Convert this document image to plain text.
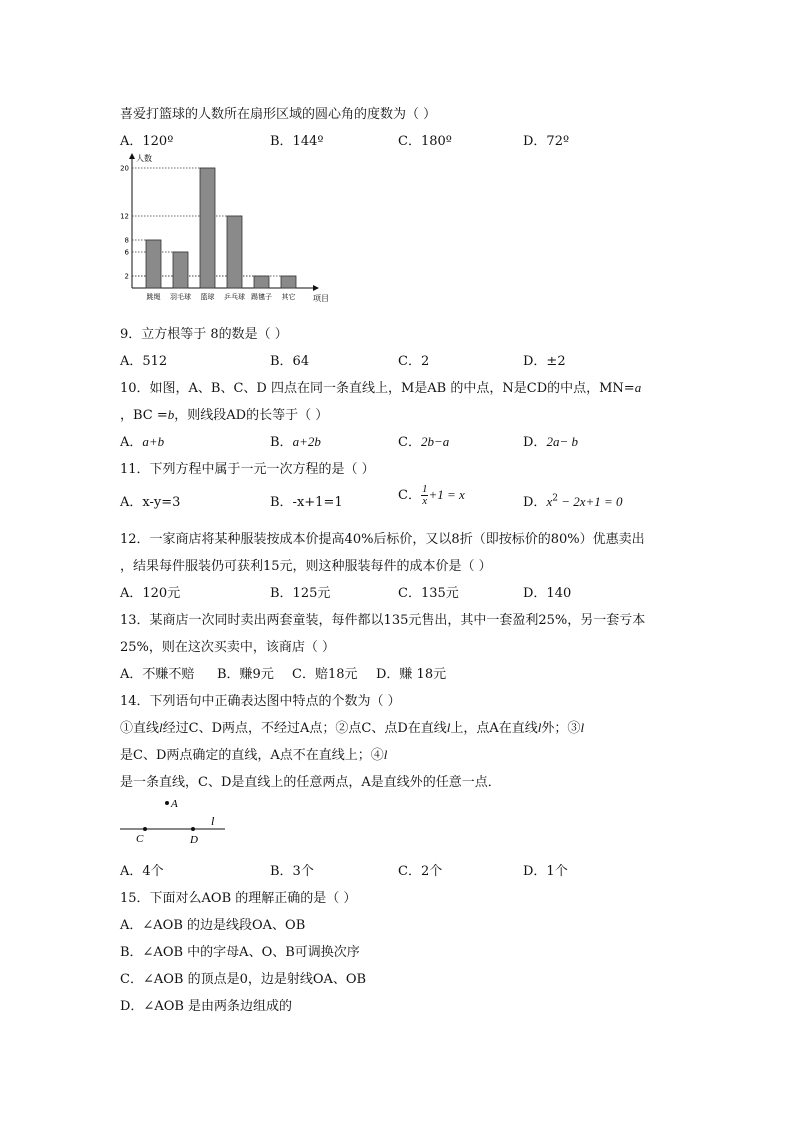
喜爱打篮球的人数所在扇形区域的圆心角的度数为（ ）
A．120º	B．144º	C．180º	D．72º
人数
项目
2
6
8
12
20
跳绳 羽毛球 篮球 乒乓球 踢毽子 其它
9．立方根等于 8的数是（ ）
A．512	B．64	C．2	D．±2
10．如图，A、B、C、D 四点在同一条直线上，M是AB 的中点，N是CD的中点，MN=a
，BC =b，则线段AD的长等于（ ）
A．a+b	B．a+2b	C．2b−a	D．2a− b
11．下列方程中属于一元一次方程的是（ ）
A．x-y=3	B．-x+1=1	C． $\frac{1}{x} +1 = x$
D．$x^2 - 2x+1 = 0$
12．一家商店将某种服装按成本价提高40%后标价，又以8折（即按标价的80%）优惠卖出
，结果每件服装仍可获利15元，则这种服装每件的成本价是（ ）
A．120元	B．125元	C．135元	D．140
13．某商店一次同时卖出两套童装，每件都以135元售出，其中一套盈利25%，另一套亏本
25%，则在这次买卖中，该商店（ ）
A．不赚不赔 B．赚9元 C．赔18元 D．赚 18元
14．下列语句中正确表达图中特点的个数为（ ）
①直线l经过C、D两点，不经过A点；②点C、点D在直线l上，点A在直线l外；③l
是C、D两点确定的直线，A点不在直线上；④l
是一条直线，C、D是直线上的任意两点，A是直线外的任意一点．
A
C	D
l
A．4个	B．3个	C．2个	D．1个
15．下面对么AOB 的理解正确的是（ ）
A．∠AOB 的边是线段OA、OB
B．∠AOB 中的字母A、O、B可调换次序
C．∠AOB 的顶点是0，边是射线OA、OB
D．∠AOB 是由两条边组成的
